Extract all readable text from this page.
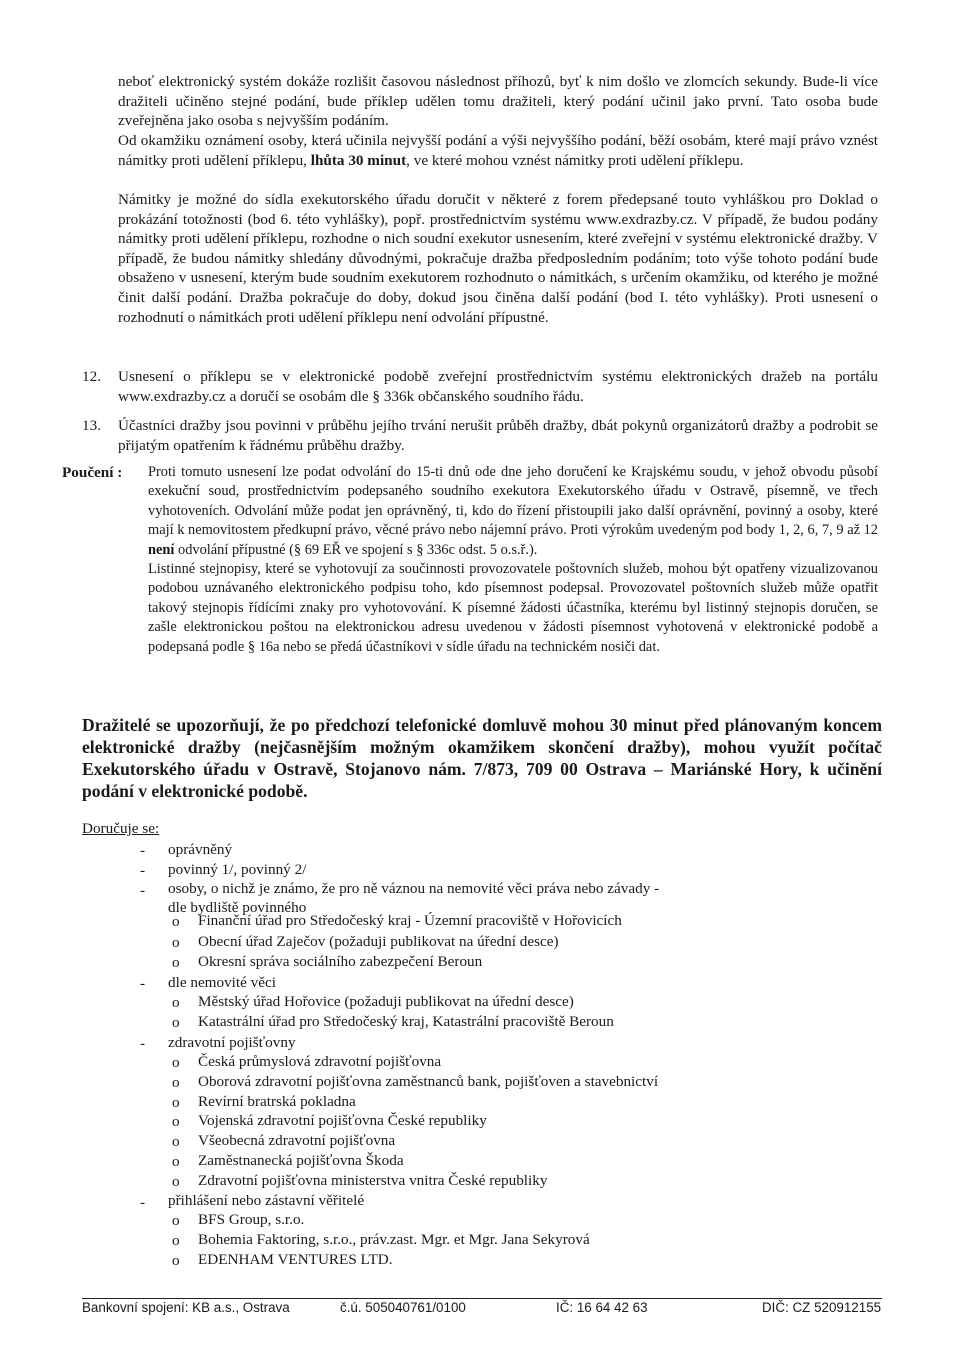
neboť elektronický systém dokáže rozlišit časovou následnost příhozů, byť k nim došlo ve zlomcích sekundy. Bude-li více dražiteli učiněno stejné podání, bude příklep udělen tomu dražiteli, který podání učinil jako první. Tato osoba bude zveřejněna jako osoba s nejvyšším podáním.

Od okamžiku oznámení osoby, která učinila nejvyšší podání a výši nejvyššího podání, běží osobám, které mají právo vznést námitky proti udělení příklepu, lhůta 30 minut, ve které mohou vznést námitky proti udělení příklepu.

Námitky je možné do sídla exekutorského úřadu doručit v některé z forem předepsané touto vyhláškou pro Doklad o prokázání totožnosti (bod 6. této vyhlášky), popř. prostřednictvím systému www.exdrazby.cz. V případě, že budou podány námitky proti udělení příklepu, rozhodne o nich soudní exekutor usnesením, které zveřejní v systému elektronické dražby. V případě, že budou námitky shledány důvodnými, pokračuje dražba předposledním podáním; toto výše tohoto podání bude obsaženo v usnesení, kterým bude soudním exekutorem rozhodnuto o námitkách, s určením okamžiku, od kterého je možné činit další podání. Dražba pokračuje do doby, dokud jsou činěna další podání (bod I. této vyhlášky). Proti usnesení o rozhodnutí o námitkách proti udělení příklepu není odvolání přípustné.

12. Usnesení o příklepu se v elektronické podobě zveřejní prostřednictvím systému elektronických dražeb na portálu www.exdrazby.cz a doručí se osobám dle § 336k občanského soudního řádu.

13. Účastníci dražby jsou povinni v průběhu jejího trvání nerušit průběh dražby, dbát pokynů organizátorů dražby a podrobit se přijatým opatřením k řádnému průběhu dražby.

Poučení : Proti tomuto usnesení lze podat odvolání do 15-ti dnů ode dne jeho doručení ke Krajskému soudu, v jehož obvodu působí exekuční soud, prostřednictvím podepsaného soudního exekutora Exekutorského úřadu v Ostravě, písemně, ve třech vyhotoveních. Odvolání může podat jen oprávněný, ti, kdo do řízení přistoupili jako další oprávnění, povinný a osoby, které mají k nemovitostem předkupní právo, věcné právo nebo nájemní právo. Proti výrokům uvedeným pod body 1, 2, 6, 7, 9 až 12 není odvolání přípustné (§ 69 EŘ ve spojení s § 336c odst. 5 o.s.ř.).

Listinné stejnopisy, které se vyhotovují za součinnosti provozovatele poštovních služeb, mohou být opatřeny vizualizovanou podobou uznávaného elektronického podpisu toho, kdo písemnost podepsal. Provozovatel poštovních služeb může opatřit takový stejnopis řídícími znaky pro vyhotovování. K písemné žádosti účastníka, kterému byl listinný stejnopis doručen, se zašle elektronickou poštou na elektronickou adresu uvedenou v žádosti písemnost vyhotovená v elektronické podobě a podepsaná podle § 16a nebo se předá účastníkovi v sídle úřadu na technickém nosiči dat.

Dražitelé se upozorňují, že po předchozí telefonické domluvě mohou 30 minut před plánovaným koncem elektronické dražby (nejčasnějším možným okamžikem skončení dražby), mohou využít počítač Exekutorského úřadu v Ostravě, Stojanovo nám. 7/873, 709 00 Ostrava – Mariánské Hory, k učinění podání v elektronické podobě.
Doručuje se:
-
-
-
-
-
-
oprávněný
povinný 1/, povinný 2/
osoby, o nichž je známo, že pro ně váznou na nemovité věci práva nebo závady -
dle bydliště povinného
o Finanční úřad pro Středočeský kraj - Územní pracoviště v Hořovicích
o Obecní úřad Zaječov (požaduji publikovat na úřední desce)
o Okresní správa sociálního zabezpečení Beroun
dle nemovité věci
o Městský úřad Hořovice (požaduji publikovat na úřední desce)
o Katastrální úřad pro Středočeský kraj, Katastrální pracoviště Beroun
zdravotní pojišťovny
o Česká průmyslová zdravotní pojišťovna
o Oborová zdravotní pojišťovna zaměstnanců bank, pojišťoven a stavebnictví
o Revírní bratrská pokladna
o Vojenská zdravotní pojišťovna České republiky
o Všeobecná zdravotní pojišťovna
o Zaměstnanecká pojišťovna Škoda
o Zdravotní pojišťovna ministerstva vnitra České republiky
přihlášení nebo zástavní věřitelé
o BFS Group, s.r.o.
o Bohemia Faktoring, s.r.o., práv.zast. Mgr. et Mgr. Jana Sekyrová
o EDENHAM VENTURES LTD.
Bankovní spojení: KB a.s., Ostrava	č.ú. 505040761/0100	IČ: 16 64 42 63	DIČ: CZ 520912155
